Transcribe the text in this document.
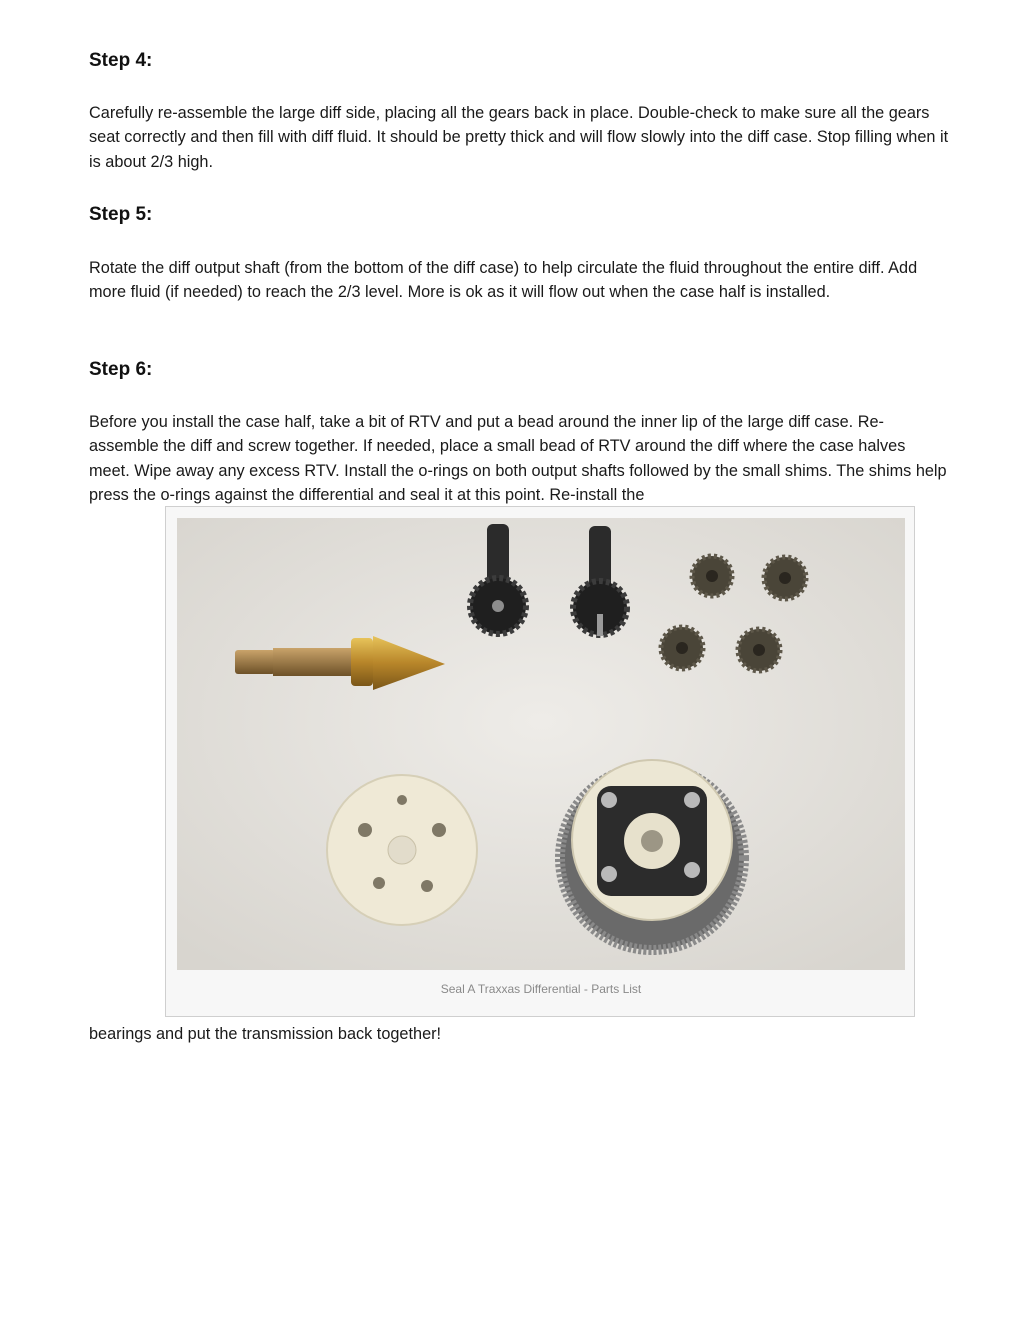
Step 4:

Carefully re-assemble the large diff side, placing all the gears back in place. Double-check to make sure all the gears seat correctly and then fill with diff fluid. It should be pretty thick and will flow slowly into the diff case. Stop filling when it is about 2/3 high.

Step 5:

Rotate the diff output shaft (from the bottom of the diff case) to help circulate the fluid throughout the entire diff. Add more fluid (if needed) to reach the 2/3 level. More is ok as it will flow out when the case half is installed.

Step 6:

Before you install the case half, take a bit of RTV and put a bead around the inner lip of the large diff case. Re-assemble the diff and screw together. If needed, place a small bead of RTV around the diff where the case halves meet. Wipe away any excess RTV. Install the o-rings on both output shafts followed by the small shims. The shims help press the o-rings against the differential and seal it at this point. Re-install the

Seal A Traxxas Differential - Parts List

bearings and put the transmission back together!
